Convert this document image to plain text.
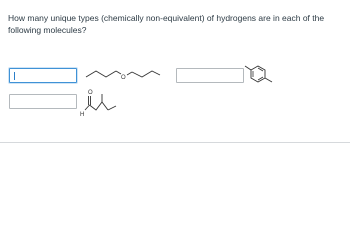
How many unique types (chemically non-equivalent) of hydrogens are in each of the following molecules?

O
O
H
